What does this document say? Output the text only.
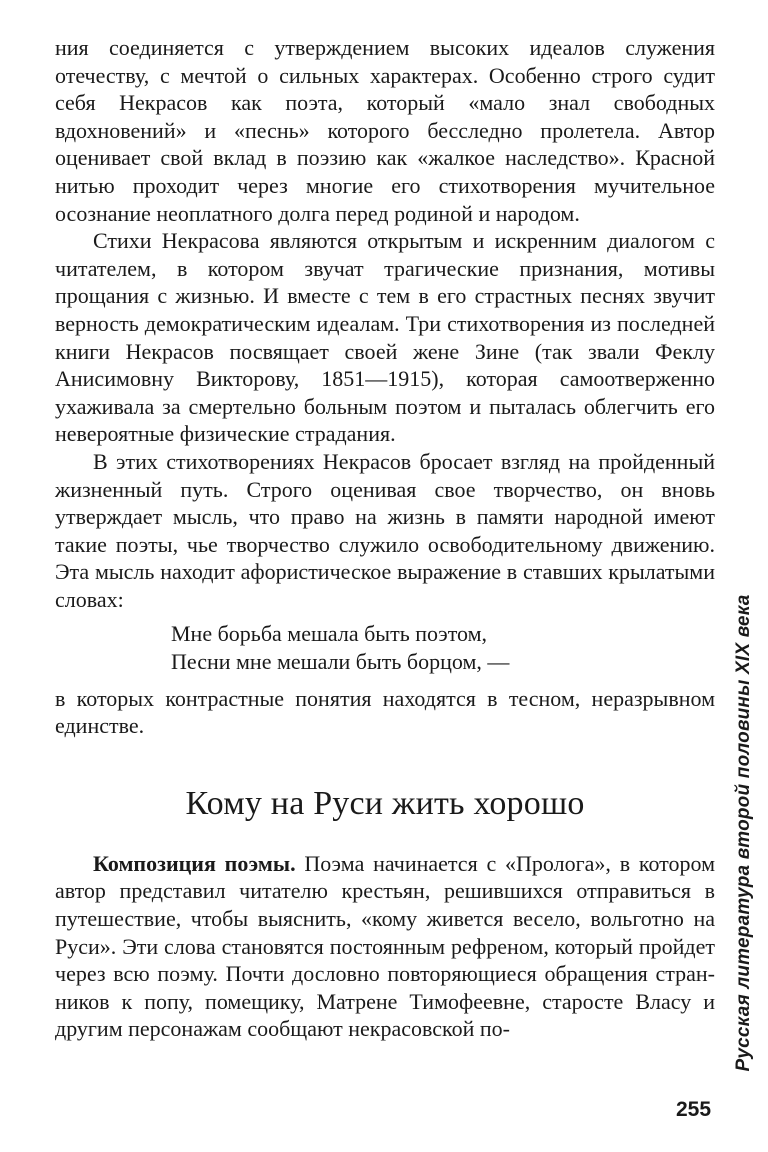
ния соединяется с утверждением высоких идеалов служения отечеству, с мечтой о сильных характерах. Особенно строго судит себя Некрасов как поэта, который «мало знал свободных вдохновений» и «песнь» которого бесследно пролетела. Автор оценивает свой вклад в поэзию как «жалкое наследство». Красной нитью проходит через многие его стихотворения мучительное осознание неоплатного долга перед родиной и народом.

Стихи Некрасова являются открытым и искренним диалогом с читателем, в котором звучат трагические признания, мотивы прощания с жизнью. И вместе с тем в его страстных песнях звучит верность демократическим идеалам. Три стихотворения из последней книги Некрасов посвящает своей жене Зине (так звали Феклу Анисимовну Викторову, 1851—1915), которая самоотверженно ухаживала за смертельно больным поэтом и пыталась облегчить его невероятные физические страдания.

В этих стихотворениях Некрасов бросает взгляд на пройденный жизненный путь. Строго оценивая свое творчество, он вновь утверждает мысль, что право на жизнь в памяти народной имеют такие поэты, чье творчество служило освободительному движению. Эта мысль находит афористическое выражение в ставших крылатыми словах:

Мне борьба мешала быть поэтом,
Песни мне мешали быть борцом, —

в которых контрастные понятия находятся в тесном, неразрывном единстве.

Кому на Руси жить хорошо

Композиция поэмы. Поэма начинается с «Пролога», в котором автор представил читателю крестьян, решившихся отправиться в путешествие, чтобы выяснить, «кому живется весело, вольготно на Руси». Эти слова становятся постоянным рефреном, который пройдет через всю поэму. Почти дословно повторяющиеся обращения странников к попу, помещику, Матрене Тимофеевне, старосте Власу и другим персонажам сообщают некрасовской по-	Русская литература второй половины XIX века
255
